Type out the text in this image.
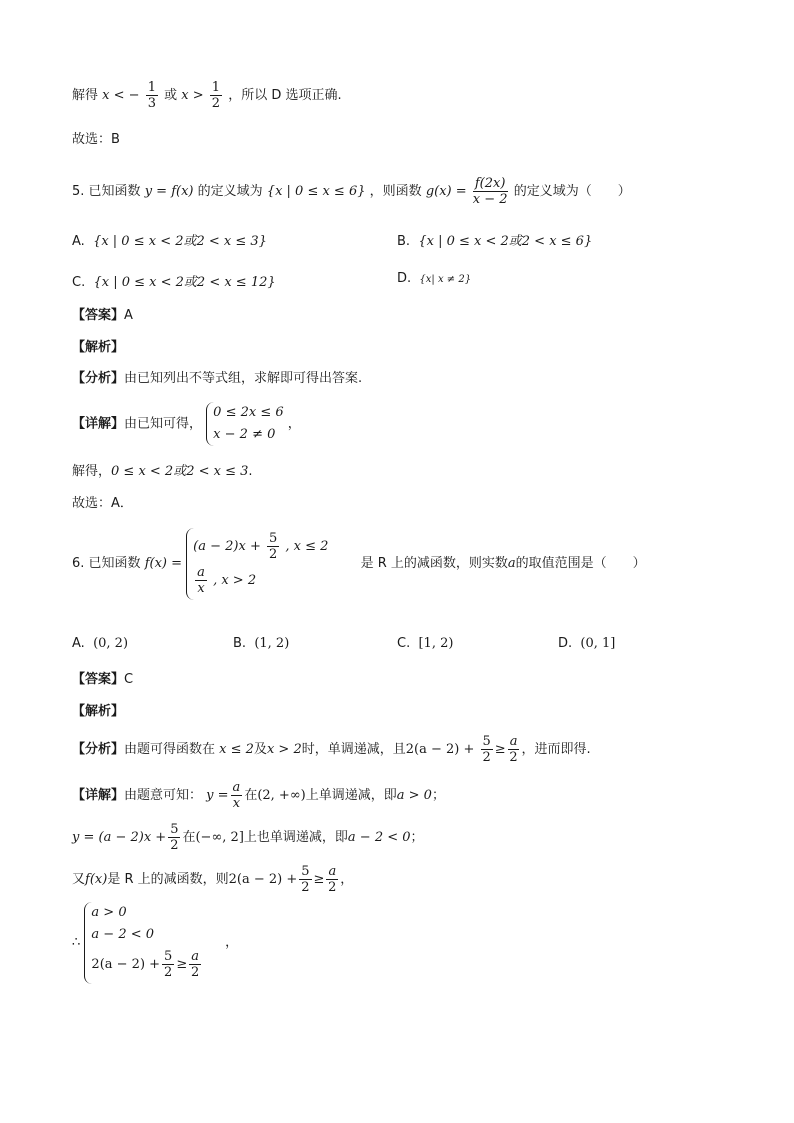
解得 x < − $\frac{1}{3}$ 或 $x > \frac{1}{2}$ ，所以 D 选项正确.
故选：B
5. 已知函数 y = f(x) 的定义域为 {x | 0 ≤ x ≤ 6} ，则函数 $g(x) = \frac{f(2x)}{x - 2}$ 的定义域为（　　）
A. {x | 0 ≤ x < 2或2 < x ≤ 3}	B. {x | 0 ≤ x < 2或2 < x ≤ 6}
C. {x | 0 ≤ x < 2或2 < x ≤ 12}	D. {x| x ≠ 2}
【答案】A
【解析】
【分析】由已知列出不等式组，求解即可得出答案.
【详解】由已知可得，
0 ≤ 2x ≤ 6
x − 2 ≠ 0
，
解得，0 ≤ x < 2或2 < x ≤ 3.
故选：A．
6. 已知函数 f(x) =
$(a - 2)x + \frac{5}{2}$ , x ≤ 2
$\frac{a}{x}$ , x > 2
是 R 上的减函数，则实数a的取值范围是（　　）
A. (0, 2)	B. (1, 2)	C. [1, 2)	D. (0, 1]
【答案】C
【解析】
【分析】由题可得函数在 x ≤ 2及x > 2时，单调递减，且$2(a - 2) + \frac{5}{2} \ge \frac{a}{2}$ ，进而即得.
【详解】由题意可知： $y = \frac{a}{x}$ 在(2, +∞)上单调递减，即a > 0；
$y = (a - 2)x + \frac{5}{2}$ 在(−∞, 2]上也单调递减，即a − 2 < 0；
又f(x)是 R 上的减函数，则$2(a - 2) + \frac{5}{2} \ge \frac{a}{2}$ ，
∴
a > 0
a − 2 < 0
$2(a - 2) + \frac{5}{2} \ge \frac{a}{2}$
，
